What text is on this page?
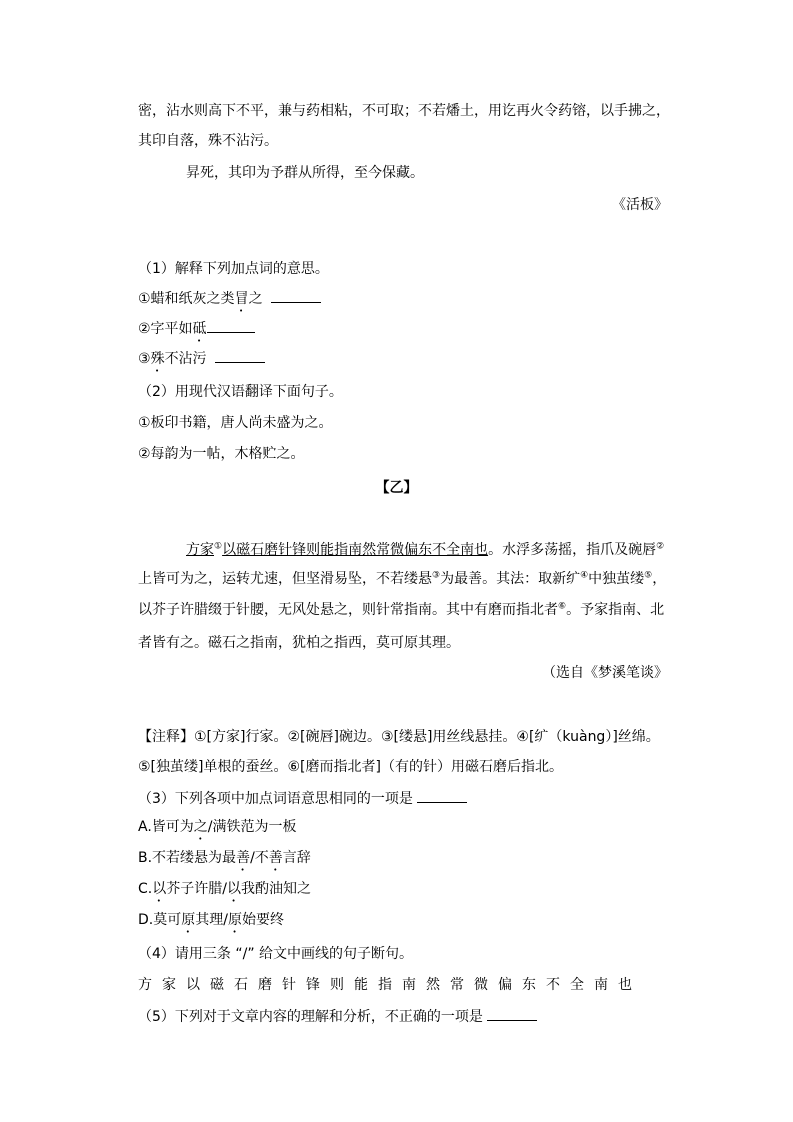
密，沾水则高下不平，兼与药相粘，不可取；不若燔土，用讫再火令药镕，以手拂之，
其印自落，殊不沾污。
昇死，其印为予群从所得，至今保藏。
《活板》
（1）解释下列加点词的意思。
①蜡和纸灰之类冒之
②字平如砥
③殊不沾污
（2）用现代汉语翻译下面句子。
①板印书籍，唐人尚未盛为之。
②每韵为一帖，木格贮之。
【乙】
方家①以磁石磨针锋则能指南然常微偏东不全南也。水浮多荡摇，指爪及碗唇②
上皆可为之，运转尤速，但坚滑易坠，不若缕悬③为最善。其法：取新纩④中独茧缕⑤，
以芥子许腊缀于针腰，无风处悬之，则针常指南。其中有磨而指北者⑥。予家指南、北
者皆有之。磁石之指南，犹柏之指西，莫可原其理。
（选自《梦溪笔谈》
【注释】①[方家]行家。②[碗唇]碗边。③[缕悬]用丝线悬挂。④[纩（kuàng）]丝绵。
⑤[独茧缕]单根的蚕丝。⑥[磨而指北者]（有的针）用磁石磨后指北。
（3）下列各项中加点词语意思相同的一项是
A.皆可为之/满铁范为一板
B.不若缕悬为最善/不善言辞
C.以芥子许腊/以我酌油知之
D.莫可原其理/原始要终
（4）请用三条 “/” 给文中画线的句子断句。
方家以磁石磨针锋则能指南然常微偏东不全南也
（5）下列对于文章内容的理解和分析，不正确的一项是
